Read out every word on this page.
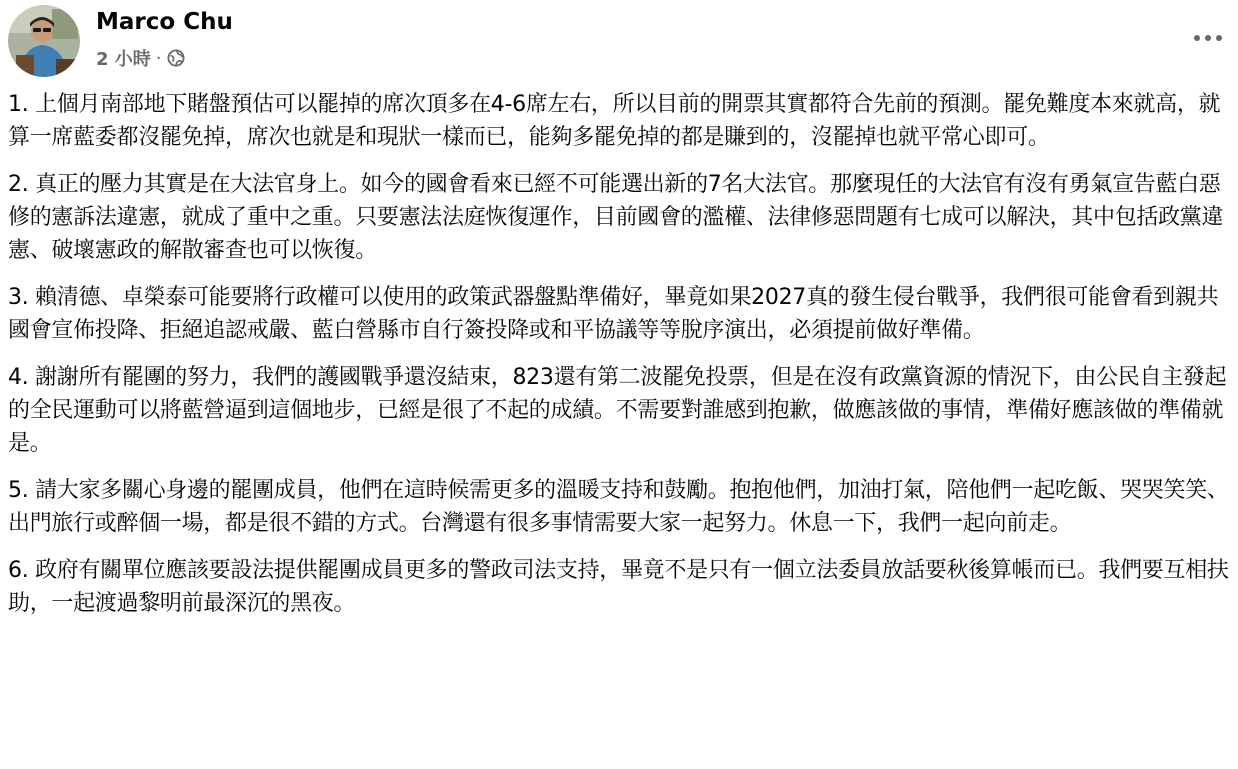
Marco Chu
2 小時 ·

1. 上個月南部地下賭盤預估可以罷掉的席次頂多在4-6席左右，所以目前的開票其實都符合先前的預測。罷免難度本來就高，就算一席藍委都沒罷免掉，席次也就是和現狀一樣而已，能夠多罷免掉的都是賺到的，沒罷掉也就平常心即可。

2. 真正的壓力其實是在大法官身上。如今的國會看來已經不可能選出新的7名大法官。那麼現任的大法官有沒有勇氣宣告藍白惡修的憲訴法違憲，就成了重中之重。只要憲法法庭恢復運作，目前國會的濫權、法律修惡問題有七成可以解決，其中包括政黨違憲、破壞憲政的解散審查也可以恢復。

3. 賴清德、卓榮泰可能要將行政權可以使用的政策武器盤點準備好，畢竟如果2027真的發生侵台戰爭，我們很可能會看到親共國會宣佈投降、拒絕追認戒嚴、藍白營縣市自行簽投降或和平協議等等脫序演出，必須提前做好準備。

4. 謝謝所有罷團的努力，我們的護國戰爭還沒結束，823還有第二波罷免投票，但是在沒有政黨資源的情況下，由公民自主發起的全民運動可以將藍營逼到這個地步，已經是很了不起的成績。不需要對誰感到抱歉，做應該做的事情，準備好應該做的準備就是。

5. 請大家多關心身邊的罷團成員，他們在這時候需更多的溫暖支持和鼓勵。抱抱他們，加油打氣，陪他們一起吃飯、哭哭笑笑、出門旅行或醉個一場，都是很不錯的方式。台灣還有很多事情需要大家一起努力。休息一下，我們一起向前走。

6. 政府有關單位應該要設法提供罷團成員更多的警政司法支持，畢竟不是只有一個立法委員放話要秋後算帳而已。我們要互相扶助，一起渡過黎明前最深沉的黑夜。
